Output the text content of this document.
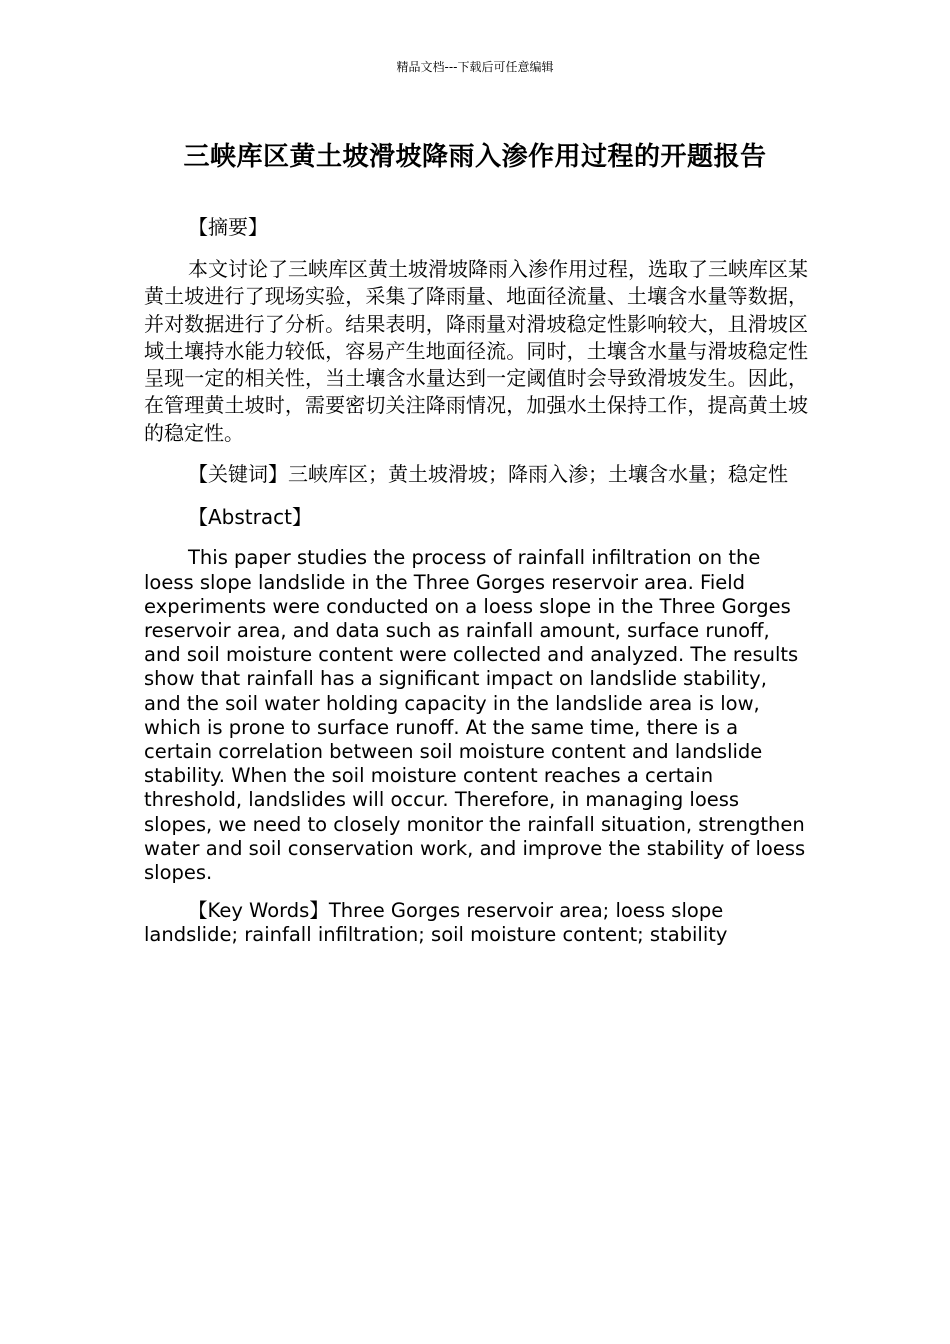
精品文档---下载后可任意编辑
三峡库区黄土坡滑坡降雨入渗作用过程的开题报告
【摘要】

本文讨论了三峡库区黄土坡滑坡降雨入渗作用过程，选取了三峡库区某黄土坡进行了现场实验，采集了降雨量、地面径流量、土壤含水量等数据，并对数据进行了分析。结果表明，降雨量对滑坡稳定性影响较大，且滑坡区域土壤持水能力较低，容易产生地面径流。同时，土壤含水量与滑坡稳定性呈现一定的相关性，当土壤含水量达到一定阈值时会导致滑坡发生。因此，在管理黄土坡时，需要密切关注降雨情况，加强水土保持工作，提高黄土坡的稳定性。

【关键词】三峡库区；黄土坡滑坡；降雨入渗；土壤含水量；稳定性

【Abstract】

This paper studies the process of rainfall infiltration on the loess slope landslide in the Three Gorges reservoir area. Field experiments were conducted on a loess slope in the Three Gorges reservoir area, and data such as rainfall amount, surface runoff, and soil moisture content were collected and analyzed. The results show that rainfall has a significant impact on landslide stability, and the soil water holding capacity in the landslide area is low, which is prone to surface runoff. At the same time, there is a certain correlation between soil moisture content and landslide stability. When the soil moisture content reaches a certain threshold, landslides will occur. Therefore, in managing loess slopes, we need to closely monitor the rainfall situation, strengthen water and soil conservation work, and improve the stability of loess slopes.

【Key Words】Three Gorges reservoir area; loess slope landslide; rainfall infiltration; soil moisture content; stability
